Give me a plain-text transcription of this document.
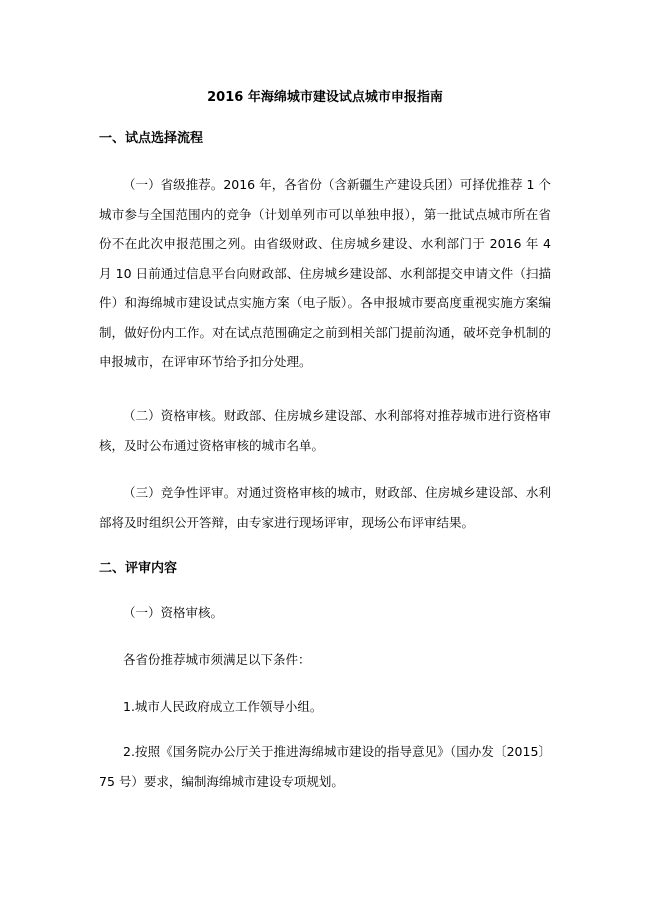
2016 年海绵城市建设试点城市申报指南
一、试点选择流程

（一）省级推荐。2016 年，各省份（含新疆生产建设兵团）可择优推荐 1 个城市参与全国范围内的竞争（计划单列市可以单独申报），第一批试点城市所在省份不在此次申报范围之列。由省级财政、住房城乡建设、水利部门于 2016 年 4 月 10 日前通过信息平台向财政部、住房城乡建设部、水利部提交申请文件（扫描件）和海绵城市建设试点实施方案（电子版）。各申报城市要高度重视实施方案编制，做好份内工作。对在试点范围确定之前到相关部门提前沟通，破坏竞争机制的申报城市，在评审环节给予扣分处理。

（二）资格审核。财政部、住房城乡建设部、水利部将对推荐城市进行资格审核，及时公布通过资格审核的城市名单。

（三）竞争性评审。对通过资格审核的城市，财政部、住房城乡建设部、水利部将及时组织公开答辩，由专家进行现场评审，现场公布评审结果。

二、评审内容

（一）资格审核。

各省份推荐城市须满足以下条件：

1.城市人民政府成立工作领导小组。

2.按照《国务院办公厅关于推进海绵城市建设的指导意见》（国办发〔2015〕75 号）要求，编制海绵城市建设专项规划。
